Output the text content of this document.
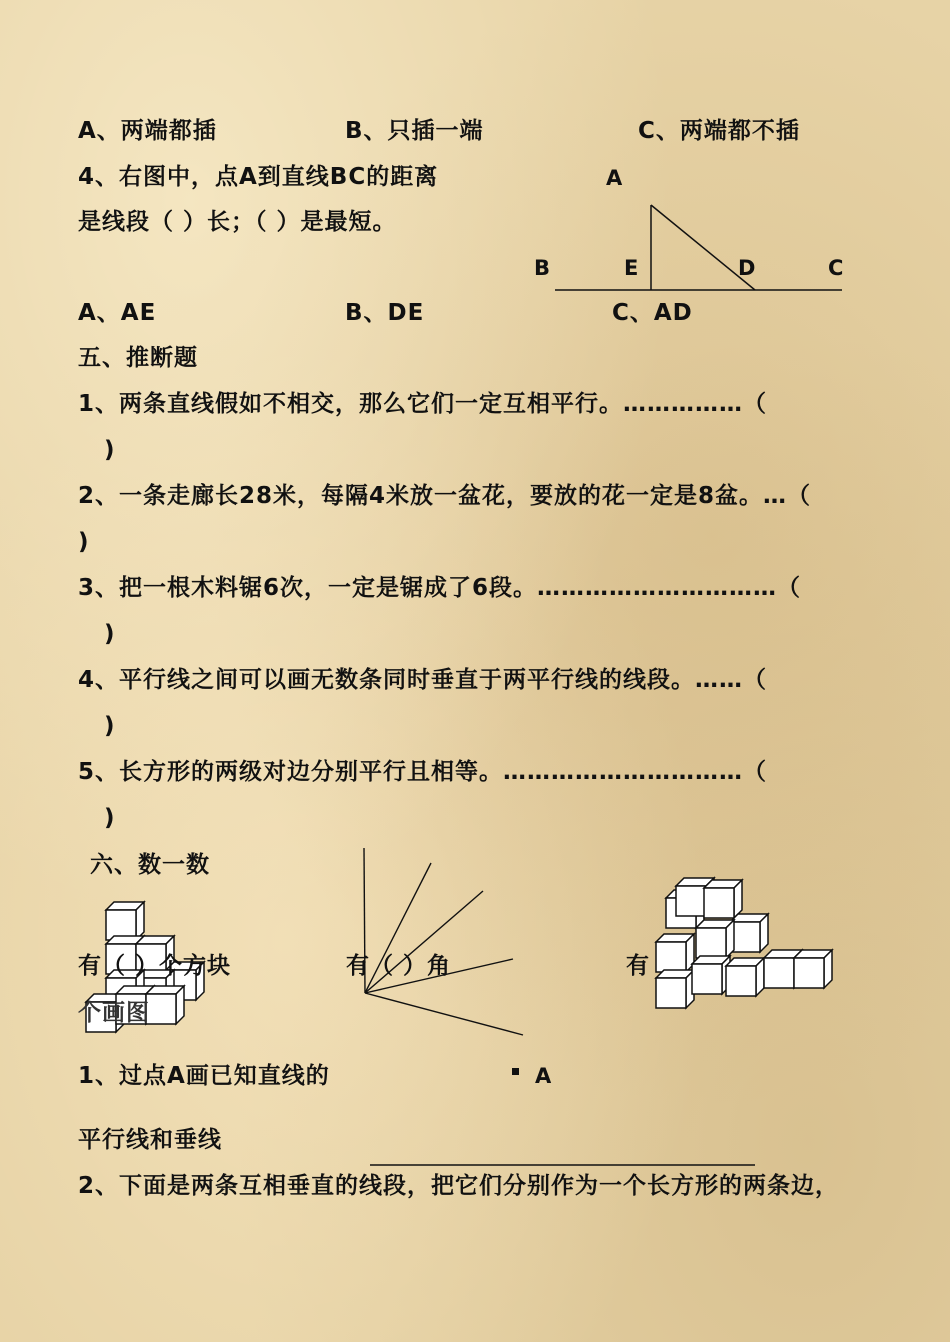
A、两端都插	B、只插一端	C、两端都不插
4、右图中，点A到直线BC的距离
是线段（ ）长；（ ）是最短。
A
B	E	D	C
A、AE	B、DE	C、AD
五、推断题
1、两条直线假如不相交，那么它们一定互相平行。……………（
)
2、一条走廊长28米，每隔4米放一盆花，要放的花一定是8盆。…（
)
3、把一根木料锯6次，一定是锯成了6段。…………………………（
)
4、平行线之间可以画无数条同时垂直于两平行线的线段。……（
)
5、长方形的两级对边分别平行且相等。…………………………（
)
六、数一数
有（ ）个方块	有（ ）角	有
个画图
1、过点A画已知直线的	A
平行线和垂线
2、下面是两条互相垂直的线段，把它们分别作为一个长方形的两条边，
